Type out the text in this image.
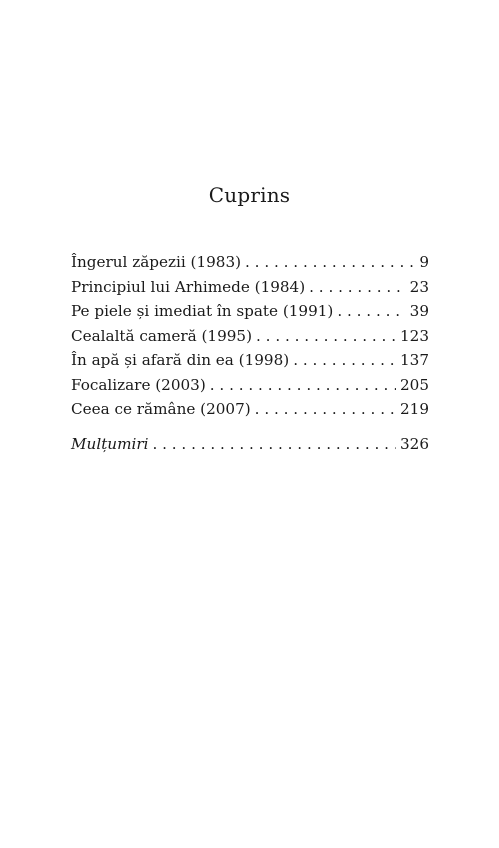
Cuprins
Îngerul zăpezii (1983) . . .	9
Principiul lui Arhimede (1984) . . .	23
Pe piele și imediat în spate (1991) . . .	39
Cealaltă cameră (1995) . . .	123
În apă și afară din ea (1998) . . .	137
Focalizare (2003) . . .	205
Ceea ce rămâne (2007) . . .	219
Mulțumiri . . .	326
